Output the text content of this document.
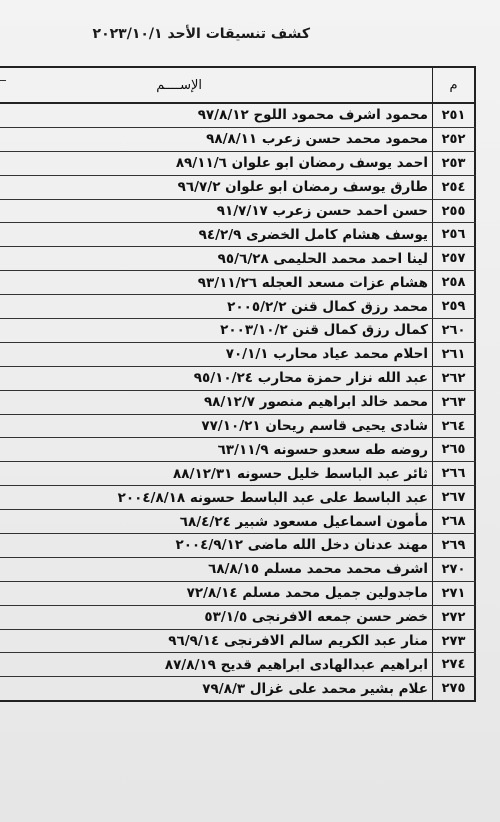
كشف تنسيقات الأحد ٢٠٢٣/١٠/١
م
الإســــم
٢٥١
محمود اشرف محمود اللوح ٩٧/٨/١٢
٢٥٢
محمود محمد حسن زعرب ٩٨/٨/١١
٢٥٣
احمد يوسف رمضان ابو علوان ٨٩/١١/٦
٢٥٤
طارق يوسف رمضان ابو علوان ٩٦/٧/٢
٢٥٥
حسن احمد حسن زعرب ٩١/٧/١٧
٢٥٦
يوسف هشام كامل الخضرى ٩٤/٢/٩
٢٥٧
لينا احمد محمد الحليمى ٩٥/٦/٢٨
٢٥٨
هشام عزات مسعد العجله ٩٣/١١/٢٦
٢٥٩
محمد رزق كمال قنن ٢٠٠٥/٢/٢
٢٦٠
كمال رزق كمال قنن ٢٠٠٣/١٠/٢
٢٦١
احلام محمد عياد محارب ٧٠/١/١
٢٦٢
عبد الله نزار حمزة محارب ٩٥/١٠/٢٤
٢٦٣
محمد خالد ابراهيم منصور ٩٨/١٢/٧
٢٦٤
شادى يحيى قاسم ريحان ٧٧/١٠/٢١
٢٦٥
روضه طه سعدو حسونه ٦٣/١١/٩
٢٦٦
ثائر عبد الباسط خليل حسونه ٨٨/١٢/٣١
٢٦٧
عبد الباسط على عبد الباسط حسونه ٢٠٠٤/٨/١٨
٢٦٨
مأمون اسماعيل مسعود شبير ٦٨/٤/٢٤
٢٦٩
مهند عدنان دخل الله ماضى ٢٠٠٤/٩/١٢
٢٧٠
اشرف محمد محمد مسلم ٦٨/٨/١٥
٢٧١
ماجدولين جميل محمد مسلم ٧٢/٨/١٤
٢٧٢
خضر حسن جمعه الافرنجى ٥٣/١/٥
٢٧٣
منار عبد الكريم سالم الافرنجى ٩٦/٩/١٤
٢٧٤
ابراهيم عبدالهادى ابراهيم قديح ٨٧/٨/١٩
٢٧٥
علام بشير محمد على غزال ٧٩/٨/٣
